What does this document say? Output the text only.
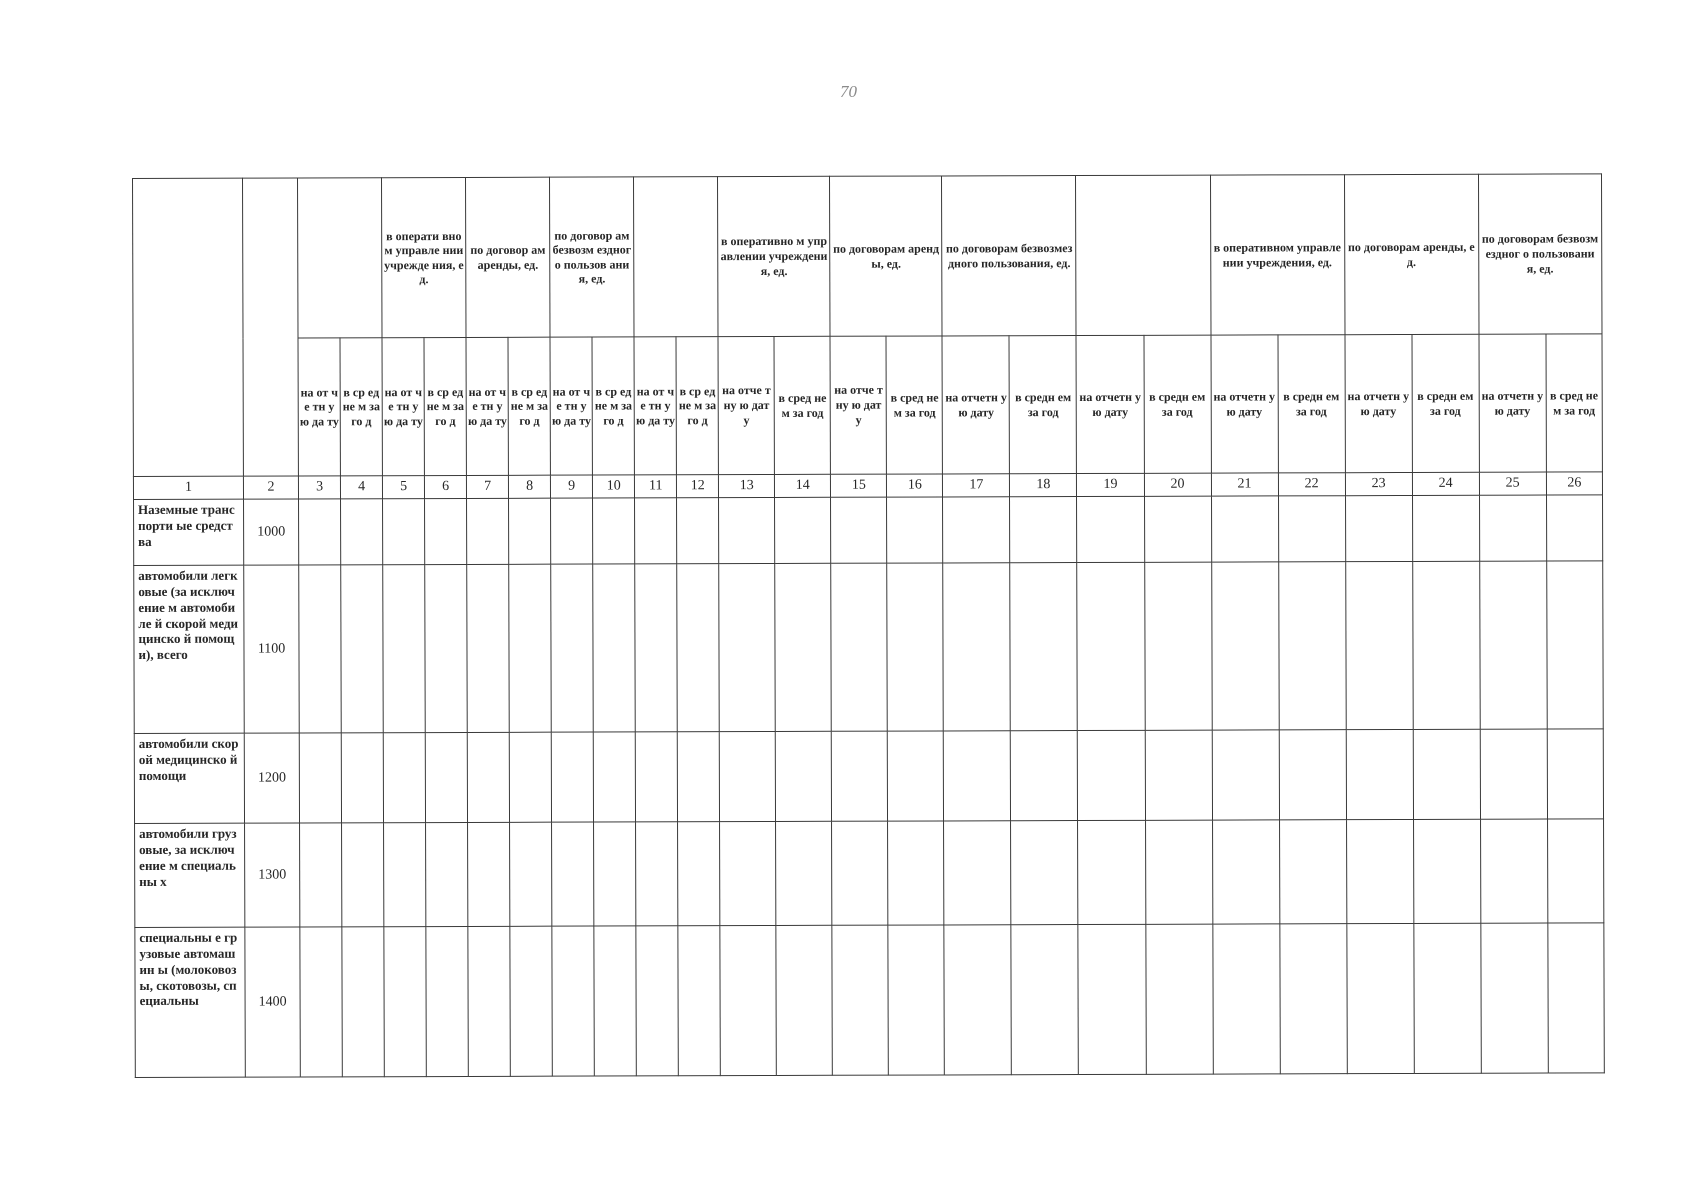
70
				в операти вном управле нии учрежде ния, ед.		по договор ам аренды, ед.		по договор ам безвозм ездного пользов ания, ед.				в оперативно м управлении учреждения, ед.		по договорам аренды, ед.		по договорам безвозмездного пользования, ед.				в оперативном управлении учреждения, ед.		по договорам аренды, ед.		по договорам безвозмездног о пользования, ед.	
		на от че тн у ю да ту	в ср ед не м за го д	на от че тн у ю да ту	в ср ед не м за го д	на от че тн у ю да ту	в ср ед не м за го д	на от че тн у ю да ту	в ср ед не м за го д	на от че тн у ю да ту	в ср ед не м за го д	на отче тну ю дату	в сред нем за год	на отче тну ю дату	в сред нем за год	на отчетн ую дату	в средн ем за год	на отчетн ую дату	в средн ем за год	на отчетн ую дату	в средн ем за год	на отчетн ую дату	в средн ем за год	на отчетн ую дату	в сред нем за год
1	2	3	4	5	6	7	8	9	10	11	12	13	14	15	16	17	18	19	20	21	22	23	24	25	26
Наземные транспорти ые средства	1000																								
автомобили легковые (за исключение м автомобиле й скорой медицинско й помощи), всего	1100																								
автомобили скорой медицинско й помощи	1200																								
автомобили грузовые, за исключение м специальны х	1300																								
специальны е грузовые автомашин ы (молоковоз ы, скотовозы, специальны	1400																								
